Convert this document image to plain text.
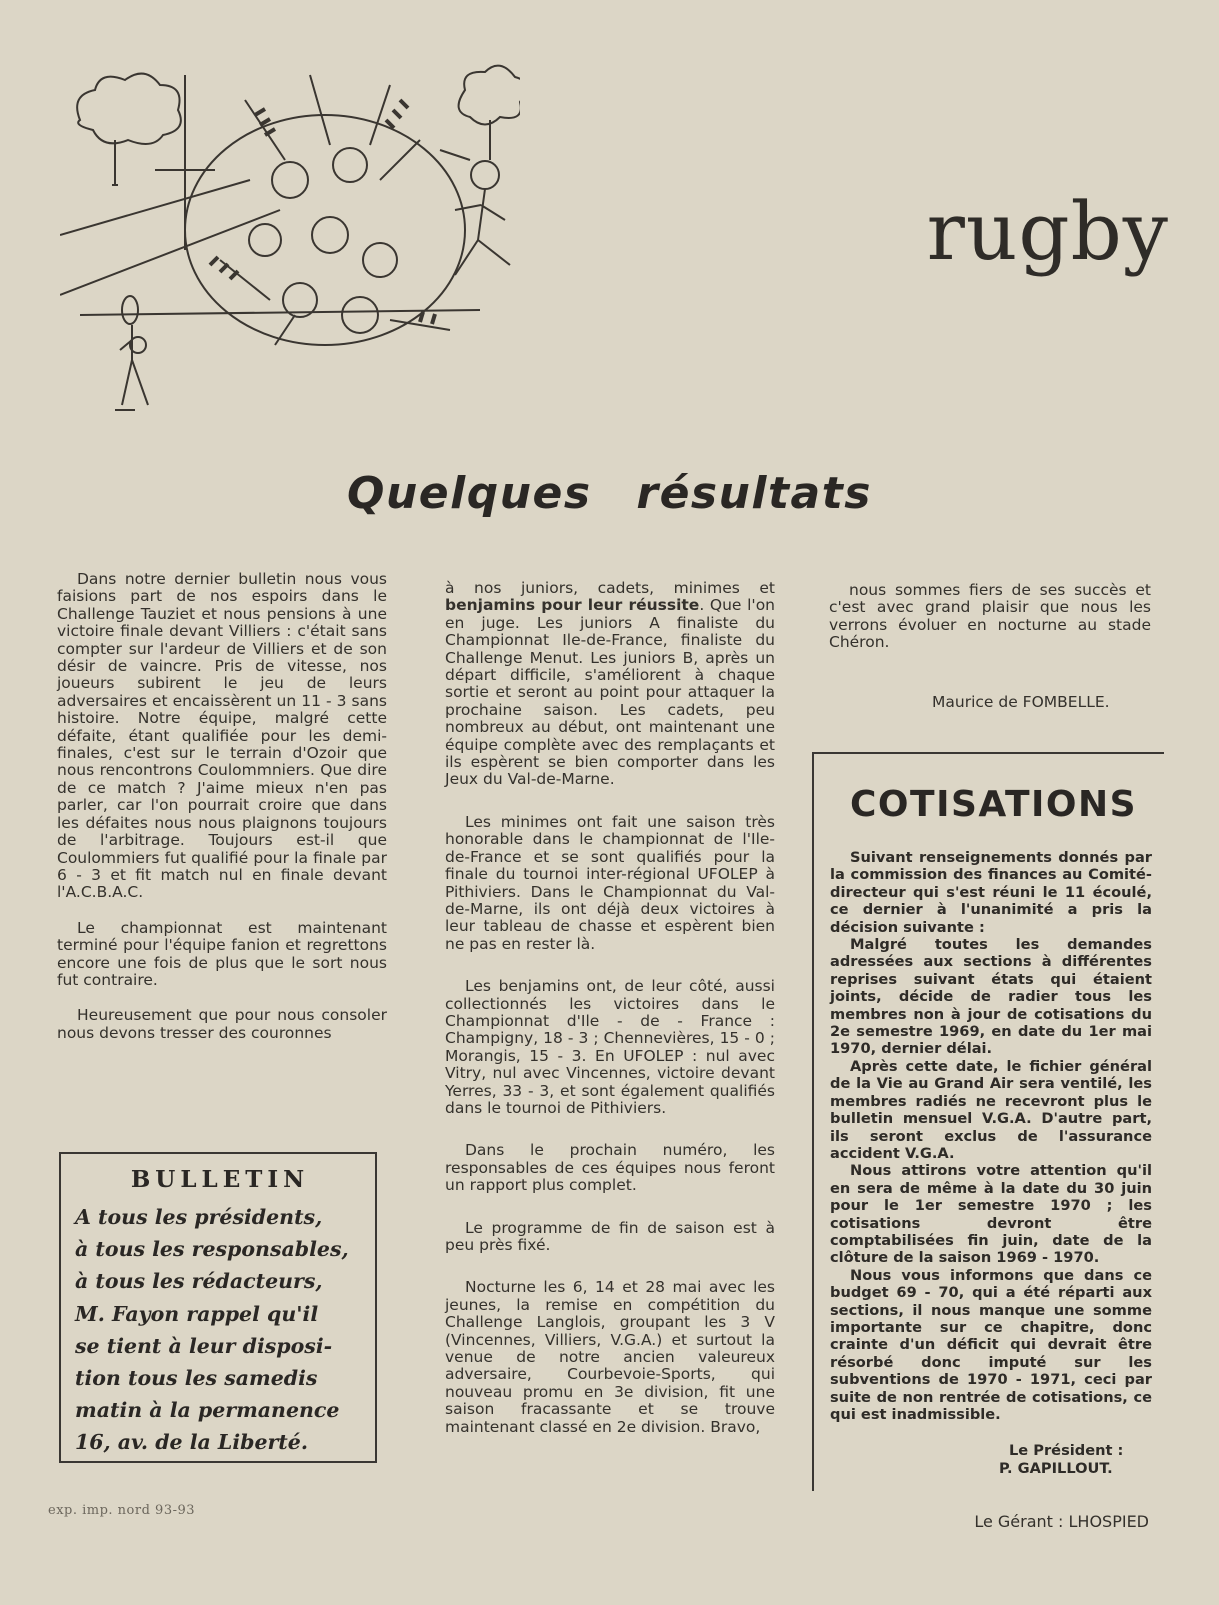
rugby
Quelques résultats

Dans notre dernier bulletin nous vous faisions part de nos espoirs dans le Challenge Tauziet et nous pensions à une victoire finale devant Villiers : c'était sans compter sur l'ardeur de Villiers et de son désir de vaincre. Pris de vitesse, nos joueurs subirent le jeu de leurs adversaires et encaissèrent un 11 - 3 sans histoire. Notre équipe, malgré cette défaite, étant qualifiée pour les demi-finales, c'est sur le terrain d'Ozoir que nous rencontrons Coulommniers. Que dire de ce match ? J'aime mieux n'en pas parler, car l'on pourrait croire que dans les défaites nous nous plaignons toujours de l'arbitrage. Toujours est-il que Coulommiers fut qualifié pour la finale par 6 - 3 et fit match nul en finale devant l'A.C.B.A.C.

Le championnat est maintenant terminé pour l'équipe fanion et regrettons encore une fois de plus que le sort nous fut contraire.

Heureusement que pour nous consoler nous devons tresser des couronnes

à nos juniors, cadets, minimes et benjamins pour leur réussite. Que l'on en juge. Les juniors A finaliste du Championnat Ile-de-France, finaliste du Challenge Menut. Les juniors B, après un départ difficile, s'améliorent à chaque sortie et seront au point pour attaquer la prochaine saison. Les cadets, peu nombreux au début, ont maintenant une équipe complète avec des remplaçants et ils espèrent se bien comporter dans les Jeux du Val-de-Marne.

Les minimes ont fait une saison très honorable dans le championnat de l'Ile-de-France et se sont qualifiés pour la finale du tournoi inter-régional UFOLEP à Pithiviers. Dans le Championnat du Val-de-Marne, ils ont déjà deux victoires à leur tableau de chasse et espèrent bien ne pas en rester là.

Les benjamins ont, de leur côté, aussi collectionnés les victoires dans le Championnat d'Ile - de - France : Champigny, 18 - 3 ; Chennevières, 15 - 0 ; Morangis, 15 - 3. En UFOLEP : nul avec Vitry, nul avec Vincennes, victoire devant Yerres, 33 - 3, et sont également qualifiés dans le tournoi de Pithiviers.

Dans le prochain numéro, les responsables de ces équipes nous feront un rapport plus complet.

Le programme de fin de saison est à peu près fixé.

Nocturne les 6, 14 et 28 mai avec les jeunes, la remise en compétition du Challenge Langlois, groupant les 3 V (Vincennes, Villiers, V.G.A.) et surtout la venue de notre ancien valeureux adversaire, Courbevoie-Sports, qui nouveau promu en 3e division, fit une saison fracassante et se trouve maintenant classé en 2e division. Bravo,

nous sommes fiers de ses succès et c'est avec grand plaisir que nous les verrons évoluer en nocturne au stade Chéron.

Maurice de FOMBELLE.
BULLETIN
A tous les présidents,
à tous les responsables,
à tous les rédacteurs,
M. Fayon rappel qu'il
se tient à leur disposi-
tion tous les samedis
matin à la permanence
16, av. de la Liberté.
COTISATIONS

Suivant renseignements donnés par la commission des finances au Comité-directeur qui s'est réuni le 11 écoulé, ce dernier à l'unanimité a pris la décision suivante :

Malgré toutes les demandes adressées aux sections à différentes reprises suivant états qui étaient joints, décide de radier tous les membres non à jour de cotisations du 2e semestre 1969, en date du 1er mai 1970, dernier délai.

Après cette date, le fichier général de la Vie au Grand Air sera ventilé, les membres radiés ne recevront plus le bulletin mensuel V.G.A. D'autre part, ils seront exclus de l'assurance accident V.G.A.

Nous attirons votre attention qu'il en sera de même à la date du 30 juin pour le 1er semestre 1970 ; les cotisations devront être comptabilisées fin juin, date de la clôture de la saison 1969 - 1970.

Nous vous informons que dans ce budget 69 - 70, qui a été réparti aux sections, il nous manque une somme importante sur ce chapitre, donc crainte d'un déficit qui devrait être résorbé donc imputé sur les subventions de 1970 - 1971, ceci par suite de non rentrée de cotisations, ce qui est inadmissible.

Le Président :
P. GAPILLOUT.
exp. imp. nord 93-93
Le Gérant : LHOSPIED
